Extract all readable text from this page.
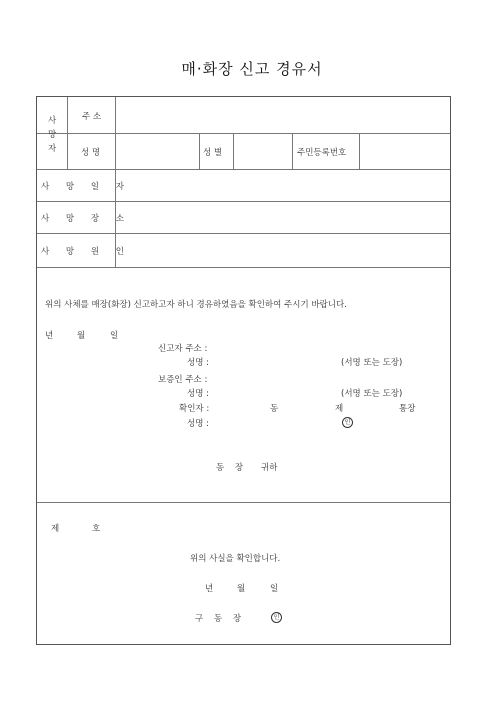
매·화장 신고 경유서
사
망
자
주 소
성 명	성 별	주민등록번호
사 망 일 자
사 망 장 소
사 망 원 인
위의 사체를 매장(화장) 신고하고자 하니 경유하였음을 확인하여 주시기 바랍니다.
년	월	일
신고자 주소 :
성명 :	(서명 또는 도장)
보증인 주소 :
성명 :	(서명 또는 도장)
확인자 :	동	제	통장
성명 :	인
동 장 귀하
제	호
위의 사실을 확인합니다.
년	월	일
구 동 장	인
